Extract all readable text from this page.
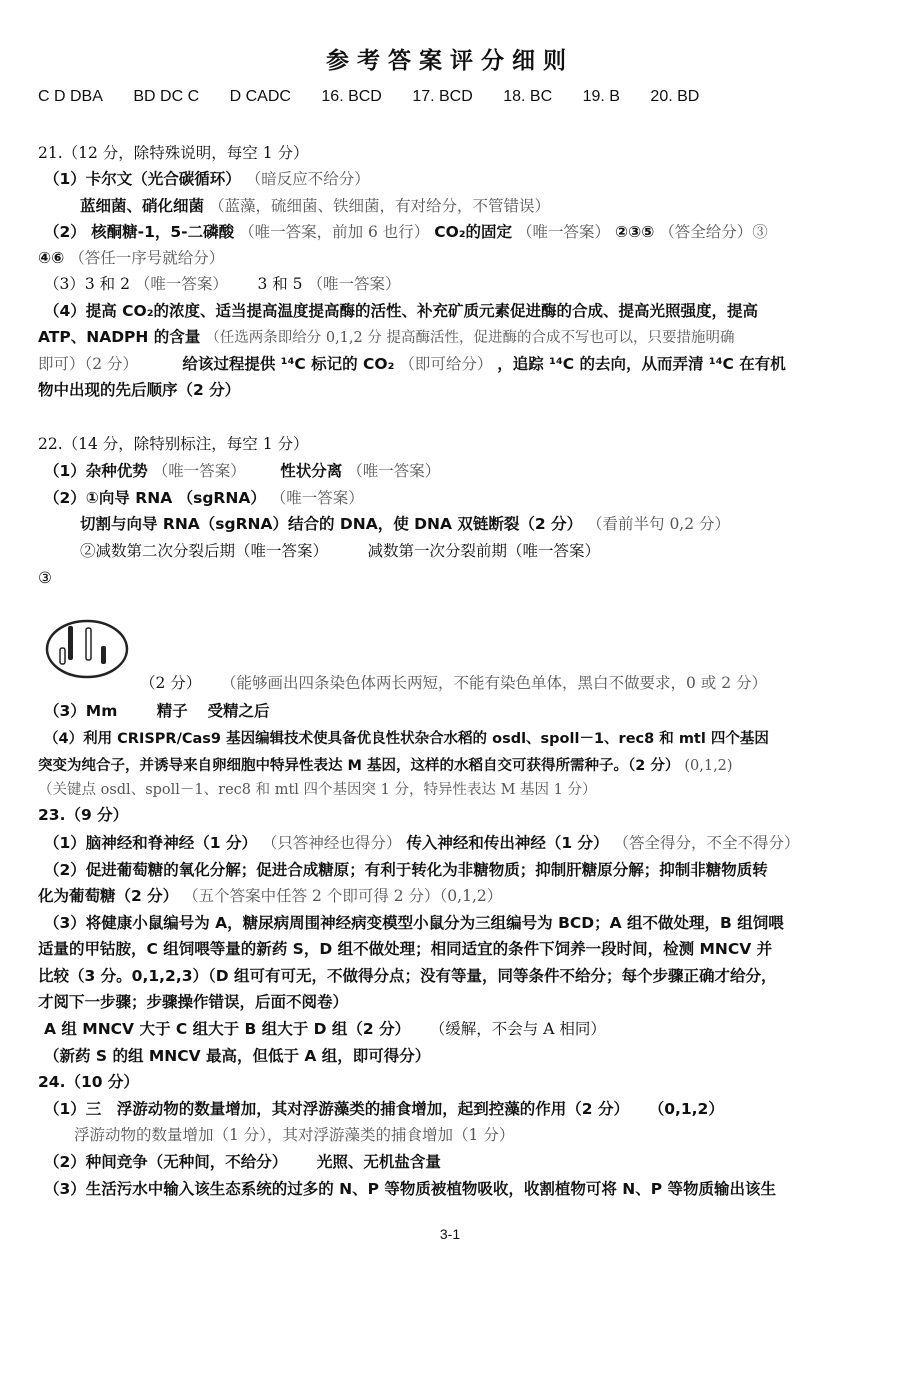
参考答案评分细则
C D DBA BD DC C D CADC 16. BCD 17. BCD 18. BC 19. B 20. BD
21.（12 分，除特殊说明，每空 1 分）
（1）卡尔文（光合碳循环） （暗反应不给分）
蓝细菌、硝化细菌 （蓝藻，硫细菌、铁细菌，有对给分，不管错误）
（2） 核酮糖-1，5-二磷酸 （唯一答案，前加 6 也行） CO₂的固定 （唯一答案） ②③⑤ （答全给分）③
④⑥ （答任一序号就给分）
（3）3 和 2 （唯一答案） 3 和 5 （唯一答案）
（4）提高 CO₂的浓度、适当提高温度提高酶的活性、补充矿质元素促进酶的合成、提高光照强度，提高
ATP、NADPH 的含量 （任选两条即给分 0,1,2 分 提高酶活性，促进酶的合成不写也可以，只要措施明确
即可）（2 分）	给该过程提供 ¹⁴C 标记的 CO₂ （即可给分） ，追踪 ¹⁴C 的去向，从而弄清 ¹⁴C 在有机
物中出现的先后顺序（2 分）
22.（14 分，除特别标注，每空 1 分）
（1）杂种优势 （唯一答案） 性状分离 （唯一答案）
（2）①向导 RNA （sgRNA） （唯一答案）
切割与向导 RNA（sgRNA）结合的 DNA，使 DNA 双链断裂（2 分） （看前半句 0,2 分）
②减数第二次分裂后期（唯一答案）	减数第一次分裂前期（唯一答案）
③
（2 分） （能够画出四条染色体两长两短，不能有染色单体，黑白不做要求，0 或 2 分）
（3）Mm	精子 受精之后
（4）利用 CRISPR/Cas9 基因编辑技术使具备优良性状杂合水稻的 osdl、spoll－1、rec8 和 mtl 四个基因
突变为纯合子，并诱导来自卵细胞中特异性表达 M 基因，这样的水稻自交可获得所需种子。（2 分） (0,1,2)
（关键点 osdl、spoll－1、rec8 和 mtl 四个基因突 1 分，特异性表达 M 基因 1 分）
23.（9 分）
（1）脑神经和脊神经（1 分） （只答神经也得分） 传入神经和传出神经（1 分） （答全得分，不全不得分）
（2）促进葡萄糖的氧化分解；促进合成糖原；有利于转化为非糖物质；抑制肝糖原分解；抑制非糖物质转
化为葡萄糖（2 分） （五个答案中任答 2 个即可得 2 分）（0,1,2）
（3）将健康小鼠编号为 A，糖尿病周围神经病变模型小鼠分为三组编号为 BCD；A 组不做处理，B 组饲喂
适量的甲钴胺，C 组饲喂等量的新药 S，D 组不做处理；相同适宜的条件下饲养一段时间，检测 MNCV 并
比较（3 分。0,1,2,3）（D 组可有可无，不做得分点；没有等量，同等条件不给分；每个步骤正确才给分，
才阅下一步骤；步骤操作错误，后面不阅卷）
A 组 MNCV 大于 C 组大于 B 组大于 D 组（2 分） （缓解，不会与 A 相同）
（新药 S 的组 MNCV 最高，但低于 A 组，即可得分）
24.（10 分）
（1）三　浮游动物的数量增加，其对浮游藻类的捕食增加，起到控藻的作用（2 分） （0,1,2）
浮游动物的数量增加（1 分），其对浮游藻类的捕食增加（1 分）
（2）种间竞争（无种间，不给分） 光照、无机盐含量
（3）生活污水中输入该生态系统的过多的 N、P 等物质被植物吸收，收割植物可将 N、P 等物质输出该生
3-1
